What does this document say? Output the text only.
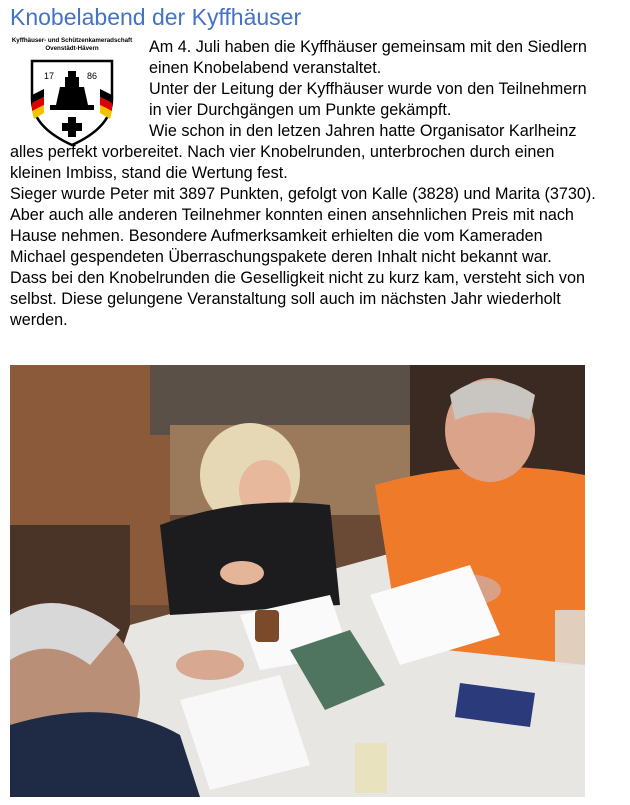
Knobelabend der Kyffhäuser
Kyffhäuser- und Schützenkameradschaft
Ovenstädt-Hävern
17	86
Am 4. Juli haben die Kyffhäuser gemeinsam mit den Siedlern
einen Knobelabend veranstaltet.
Unter der Leitung der Kyffhäuser wurde von den Teilnehmern
in vier Durchgängen um Punkte gekämpft.
Wie schon in den letzen Jahren hatte Organisator Karlheinz
alles perfekt vorbereitet. Nach vier Knobelrunden, unterbrochen durch einen
kleinen Imbiss, stand die Wertung fest.
Sieger wurde Peter mit 3897 Punkten, gefolgt von Kalle (3828) und Marita (3730).
Aber auch alle anderen Teilnehmer konnten einen ansehnlichen Preis mit nach
Hause nehmen. Besondere Aufmerksamkeit erhielten die vom Kameraden
Michael gespendeten Überraschungspakete deren Inhalt nicht bekannt war.
Dass bei den Knobelrunden die Geselligkeit nicht zu kurz kam, versteht sich von
selbst. Diese gelungene Veranstaltung soll auch im nächsten Jahr wiederholt
werden.
